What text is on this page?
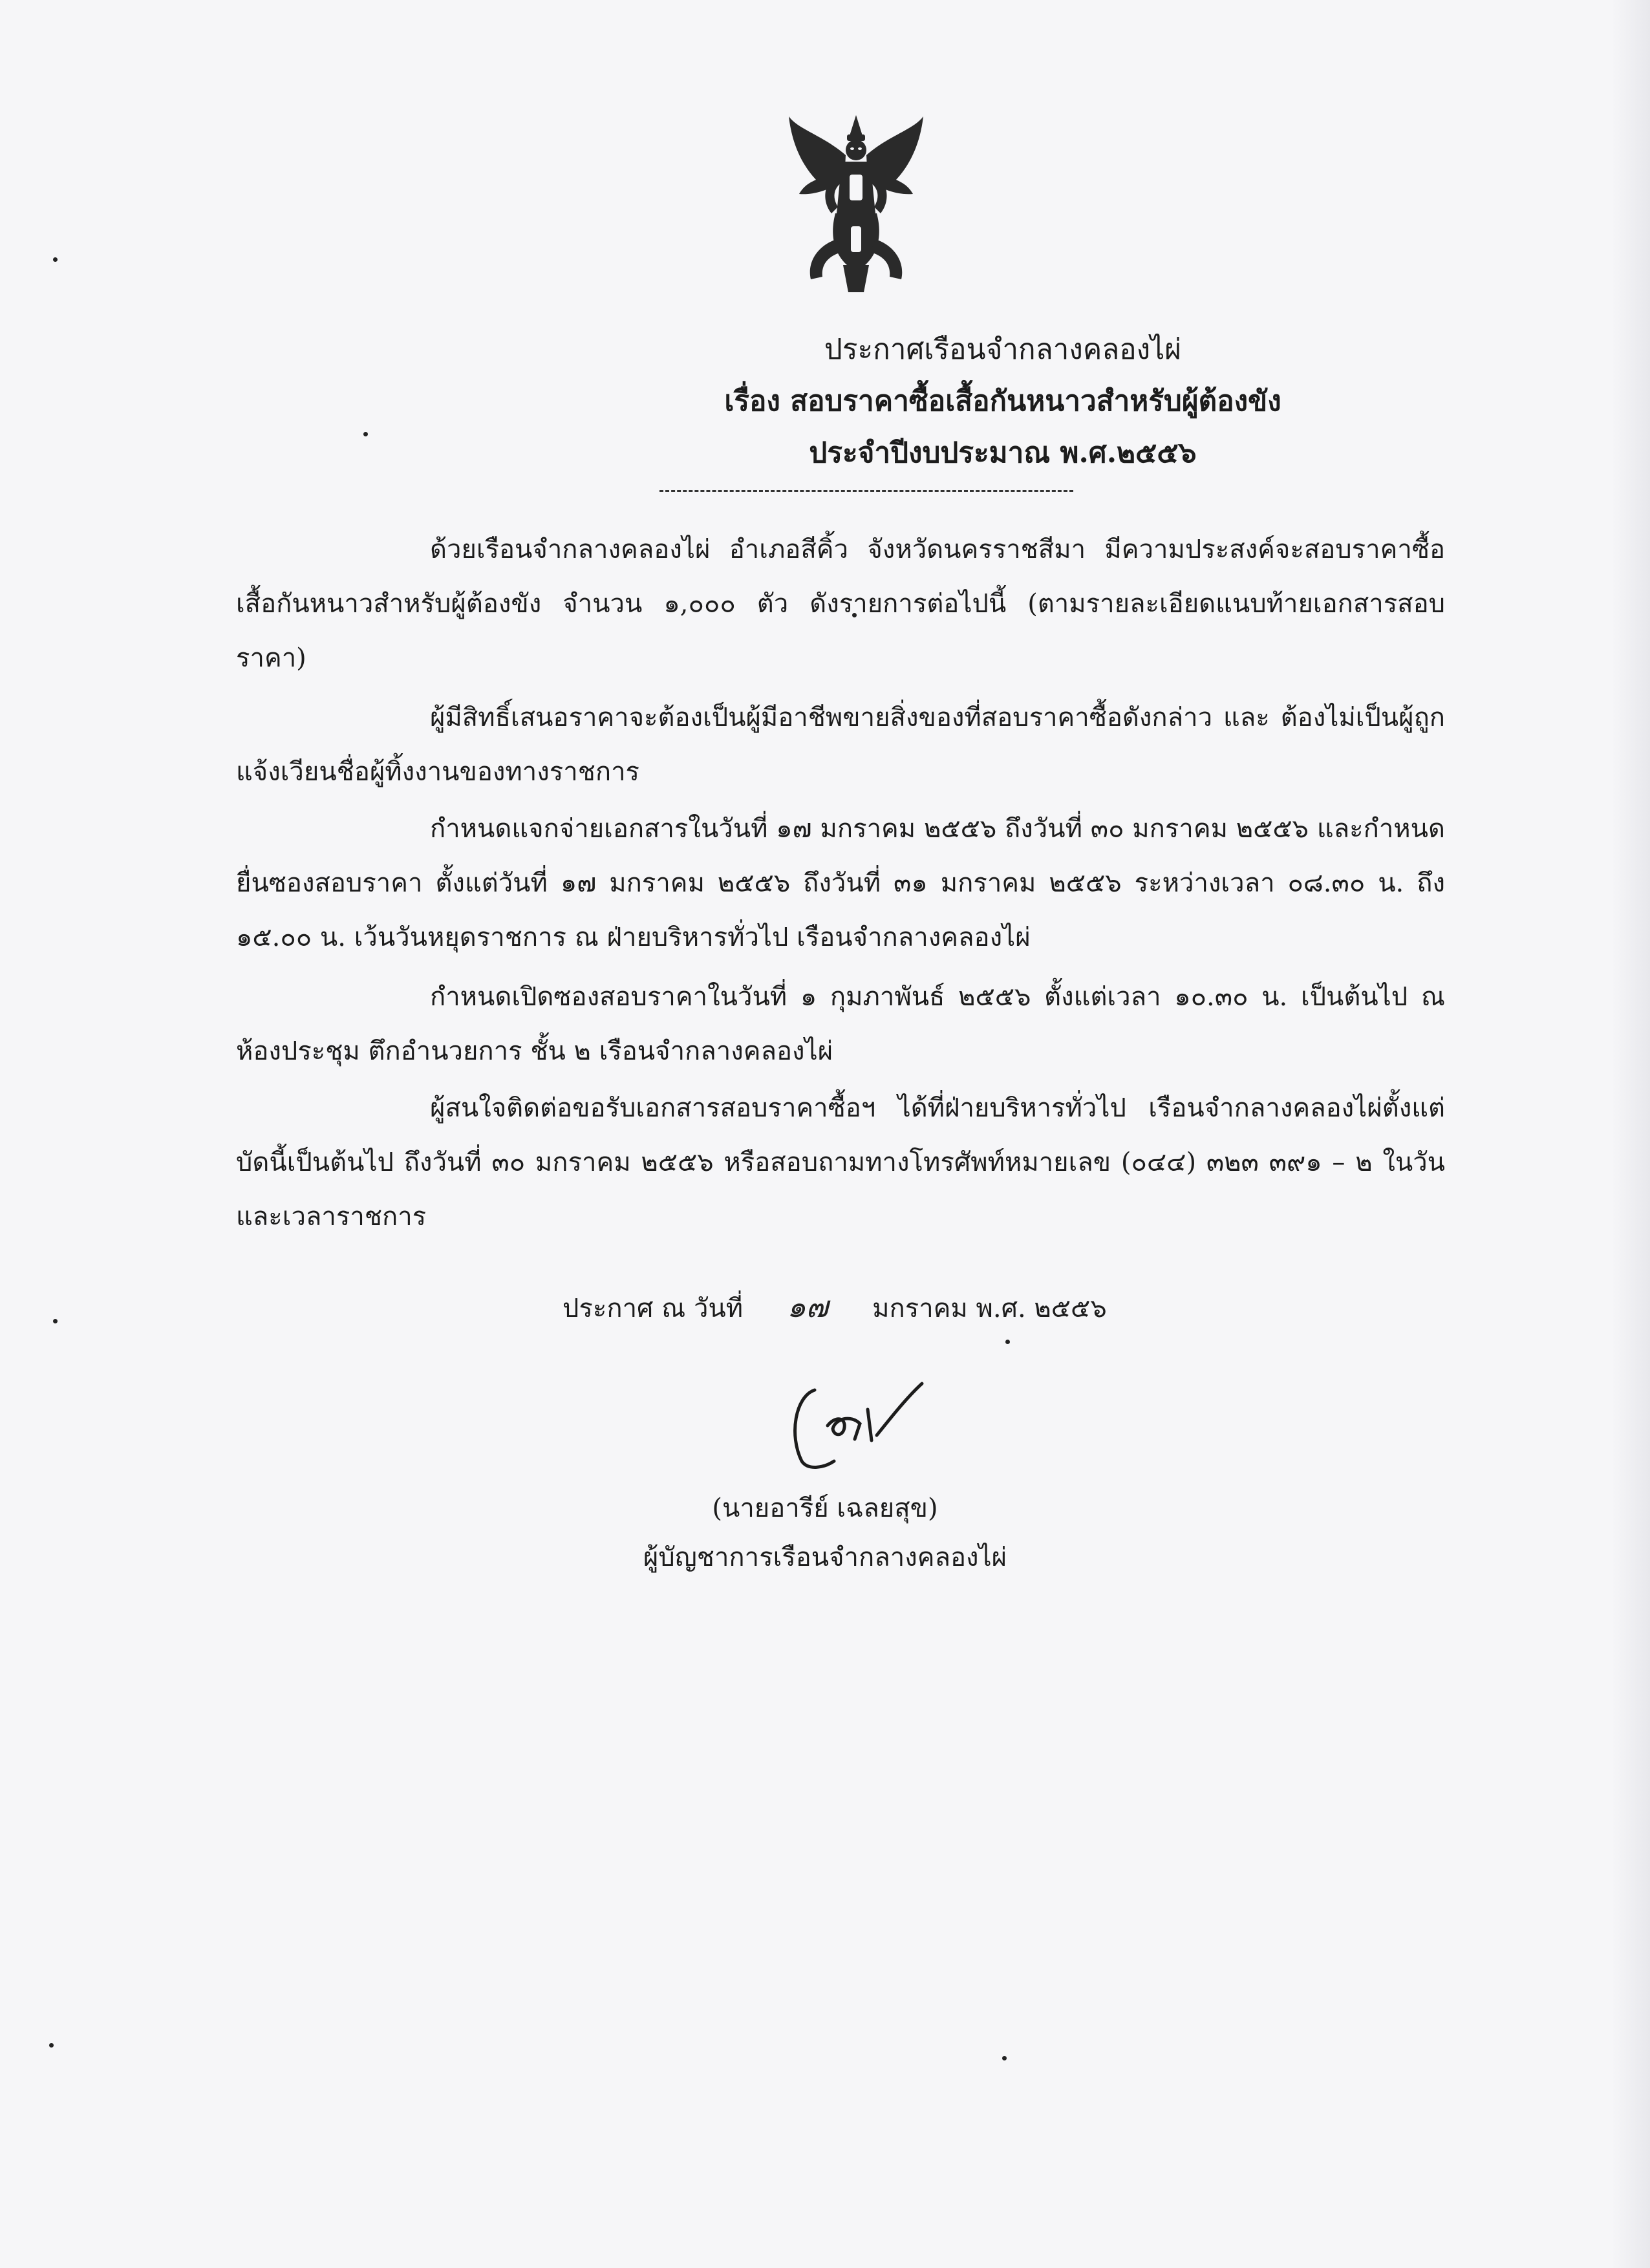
ประกาศเรือนจำกลางคลองไผ่
เรื่อง สอบราคาซื้อเสื้อกันหนาวสำหรับผู้ต้องขัง
ประจำปีงบประมาณ พ.ศ.๒๕๕๖
ด้วยเรือนจำกลางคลองไผ่ อำเภอสีคิ้ว จังหวัดนครราชสีมา มีความประสงค์จะสอบราคาซื้อเสื้อกันหนาวสำหรับผู้ต้องขัง จำนวน ๑,๐๐๐ ตัว ดังรายการต่อไปนี้ (ตามรายละเอียดแนบท้ายเอกสารสอบราคา)
ผู้มีสิทธิ์เสนอราคาจะต้องเป็นผู้มีอาชีพขายสิ่งของที่สอบราคาซื้อดังกล่าว และ ต้องไม่เป็นผู้ถูกแจ้งเวียนชื่อผู้ทิ้งงานของทางราชการ
กำหนดแจกจ่ายเอกสารในวันที่ ๑๗ มกราคม ๒๕๕๖ ถึงวันที่ ๓๐ มกราคม ๒๕๕๖ และกำหนดยื่นซองสอบราคา ตั้งแต่วันที่ ๑๗ มกราคม ๒๕๕๖ ถึงวันที่ ๓๑ มกราคม ๒๕๕๖ ระหว่างเวลา ๐๘.๓๐ น. ถึง ๑๕.๐๐ น. เว้นวันหยุดราชการ ณ ฝ่ายบริหารทั่วไป เรือนจำกลางคลองไผ่
กำหนดเปิดซองสอบราคาในวันที่ ๑ กุมภาพันธ์ ๒๕๕๖ ตั้งแต่เวลา ๑๐.๓๐ น. เป็นต้นไป ณ ห้องประชุม ตึกอำนวยการ ชั้น ๒ เรือนจำกลางคลองไผ่
ผู้สนใจติดต่อขอรับเอกสารสอบราคาซื้อฯ ได้ที่ฝ่ายบริหารทั่วไป เรือนจำกลางคลองไผ่ตั้งแต่บัดนี้เป็นต้นไป ถึงวันที่ ๓๐ มกราคม ๒๕๕๖ หรือสอบถามทางโทรศัพท์หมายเลข (๐๔๔) ๓๒๓ ๓๙๑ – ๒ ในวันและเวลาราชการ
ประกาศ ณ วันที่ ๑๗ มกราคม พ.ศ. ๒๕๕๖
(นายอารีย์ เฉลยสุข)
ผู้บัญชาการเรือนจำกลางคลองไผ่
